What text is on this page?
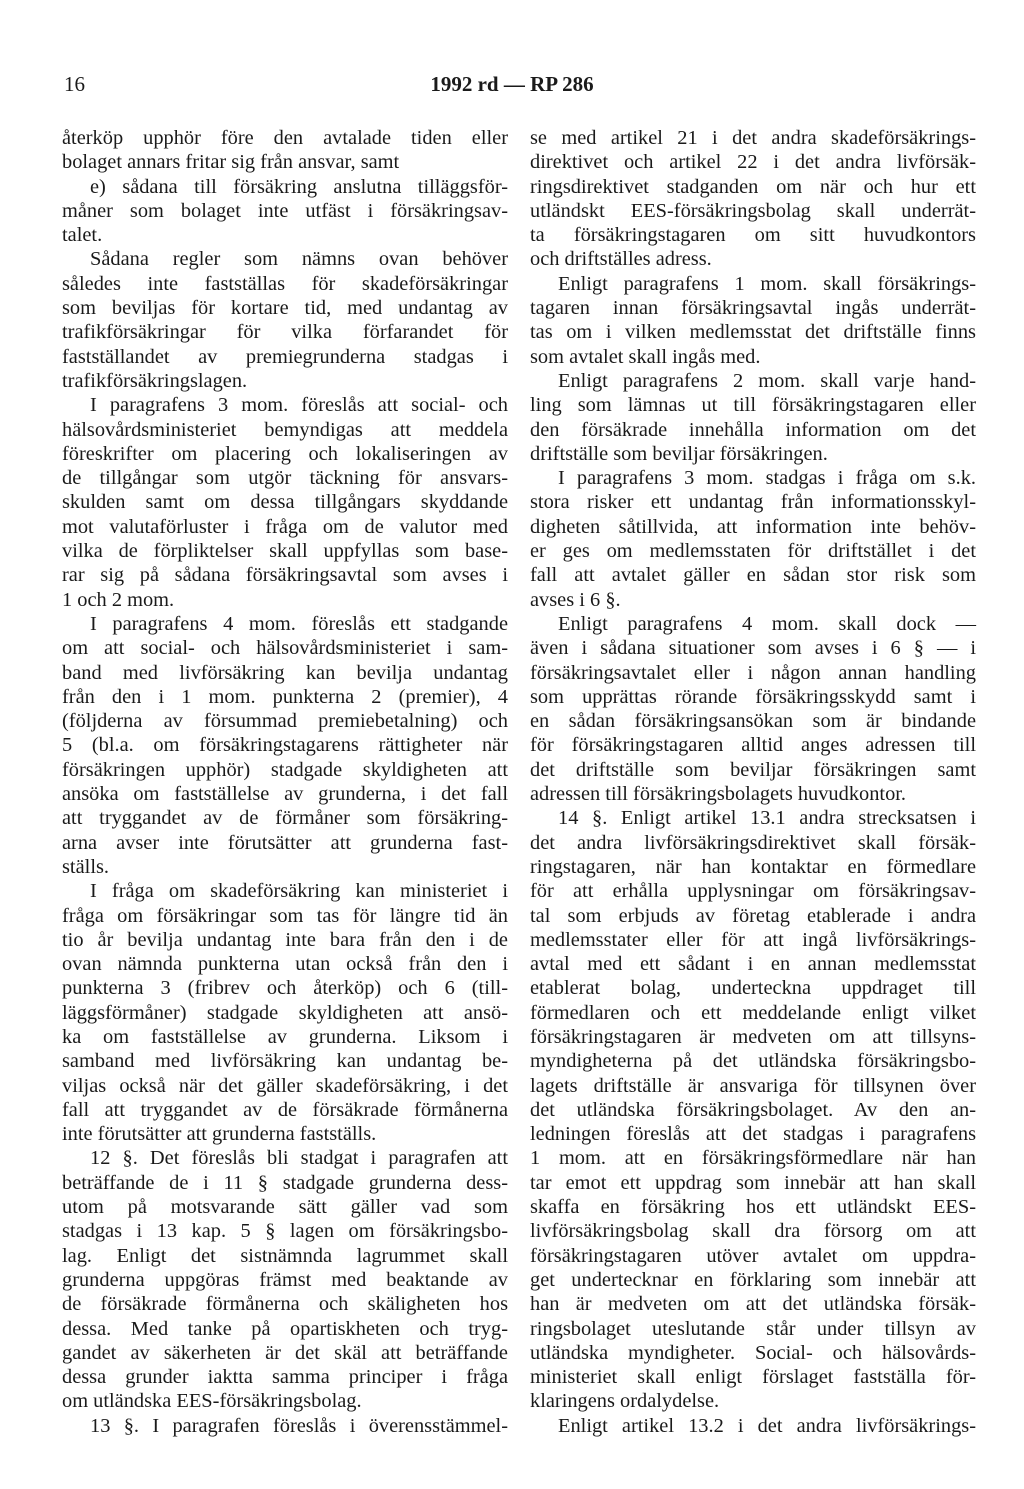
16	1992 rd — RP 286
återköp upphör före den avtalade tiden eller
bolaget annars fritar sig från ansvar, samt
e) sådana till försäkring anslutna tilläggsför-
måner som bolaget inte utfäst i försäkringsav-
talet.
Sådana regler som nämns ovan behöver
således inte fastställas för skadeförsäkringar
som beviljas för kortare tid, med undantag av
trafikförsäkringar för vilka förfarandet för
fastställandet av premiegrunderna stadgas i
trafikförsäkringslagen.
I paragrafens 3 mom. föreslås att social- och
hälsovårdsministeriet bemyndigas att meddela
föreskrifter om placering och lokaliseringen av
de tillgångar som utgör täckning för ansvars-
skulden samt om dessa tillgångars skyddande
mot valutaförluster i fråga om de valutor med
vilka de förpliktelser skall uppfyllas som base-
rar sig på sådana försäkringsavtal som avses i
1 och 2 mom.
I paragrafens 4 mom. föreslås ett stadgande
om att social- och hälsovårdsministeriet i sam-
band med livförsäkring kan bevilja undantag
från den i 1 mom. punkterna 2 (premier), 4
(följderna av försummad premiebetalning) och
5 (bl.a. om försäkringstagarens rättigheter när
försäkringen upphör) stadgade skyldigheten att
ansöka om fastställelse av grunderna, i det fall
att tryggandet av de förmåner som försäkring-
arna avser inte förutsätter att grunderna fast-
ställs.
I fråga om skadeförsäkring kan ministeriet i
fråga om försäkringar som tas för längre tid än
tio år bevilja undantag inte bara från den i de
ovan nämnda punkterna utan också från den i
punkterna 3 (fribrev och återköp) och 6 (till-
läggsförmåner) stadgade skyldigheten att ansö-
ka om fastställelse av grunderna. Liksom i
samband med livförsäkring kan undantag be-
viljas också när det gäller skadeförsäkring, i det
fall att tryggandet av de försäkrade förmånerna
inte förutsätter att grunderna fastställs.
12 §. Det föreslås bli stadgat i paragrafen att
beträffande de i 11 § stadgade grunderna dess-
utom på motsvarande sätt gäller vad som
stadgas i 13 kap. 5 § lagen om försäkringsbo-
lag. Enligt det sistnämnda lagrummet skall
grunderna uppgöras främst med beaktande av
de försäkrade förmånerna och skäligheten hos
dessa. Med tanke på opartiskheten och tryg-
gandet av säkerheten är det skäl att beträffande
dessa grunder iaktta samma principer i fråga
om utländska EES-försäkringsbolag.
13 §. I paragrafen föreslås i överensstämmel-
se med artikel 21 i det andra skadeförsäkrings-
direktivet och artikel 22 i det andra livförsäk-
ringsdirektivet stadganden om när och hur ett
utländskt EES-försäkringsbolag skall underrät-
ta försäkringstagaren om sitt huvudkontors
och driftställes adress.
Enligt paragrafens 1 mom. skall försäkrings-
tagaren innan försäkringsavtal ingås underrät-
tas om i vilken medlemsstat det driftställe finns
som avtalet skall ingås med.
Enligt paragrafens 2 mom. skall varje hand-
ling som lämnas ut till försäkringstagaren eller
den försäkrade innehålla information om det
driftställe som beviljar försäkringen.
I paragrafens 3 mom. stadgas i fråga om s.k.
stora risker ett undantag från informationsskyl-
digheten såtillvida, att information inte behöv-
er ges om medlemsstaten för driftstället i det
fall att avtalet gäller en sådan stor risk som
avses i 6 §.
Enligt paragrafens 4 mom. skall dock —
även i sådana situationer som avses i 6 § — i
försäkringsavtalet eller i någon annan handling
som upprättas rörande försäkringsskydd samt i
en sådan försäkringsansökan som är bindande
för försäkringstagaren alltid anges adressen till
det driftställe som beviljar försäkringen samt
adressen till försäkringsbolagets huvudkontor.
14 §. Enligt artikel 13.1 andra strecksatsen i
det andra livförsäkringsdirektivet skall försäk-
ringstagaren, när han kontaktar en förmedlare
för att erhålla upplysningar om försäkringsav-
tal som erbjuds av företag etablerade i andra
medlemsstater eller för att ingå livförsäkrings-
avtal med ett sådant i en annan medlemsstat
etablerat bolag, underteckna uppdraget till
förmedlaren och ett meddelande enligt vilket
försäkringstagaren är medveten om att tillsyns-
myndigheterna på det utländska försäkringsbo-
lagets driftställe är ansvariga för tillsynen över
det utländska försäkringsbolaget. Av den an-
ledningen föreslås att det stadgas i paragrafens
1 mom. att en försäkringsförmedlare när han
tar emot ett uppdrag som innebär att han skall
skaffa en försäkring hos ett utländskt EES-
livförsäkringsbolag skall dra försorg om att
försäkringstagaren utöver avtalet om uppdra-
get undertecknar en förklaring som innebär att
han är medveten om att det utländska försäk-
ringsbolaget uteslutande står under tillsyn av
utländska myndigheter. Social- och hälsovårds-
ministeriet skall enligt förslaget fastställa för-
klaringens ordalydelse.
Enligt artikel 13.2 i det andra livförsäkrings-
